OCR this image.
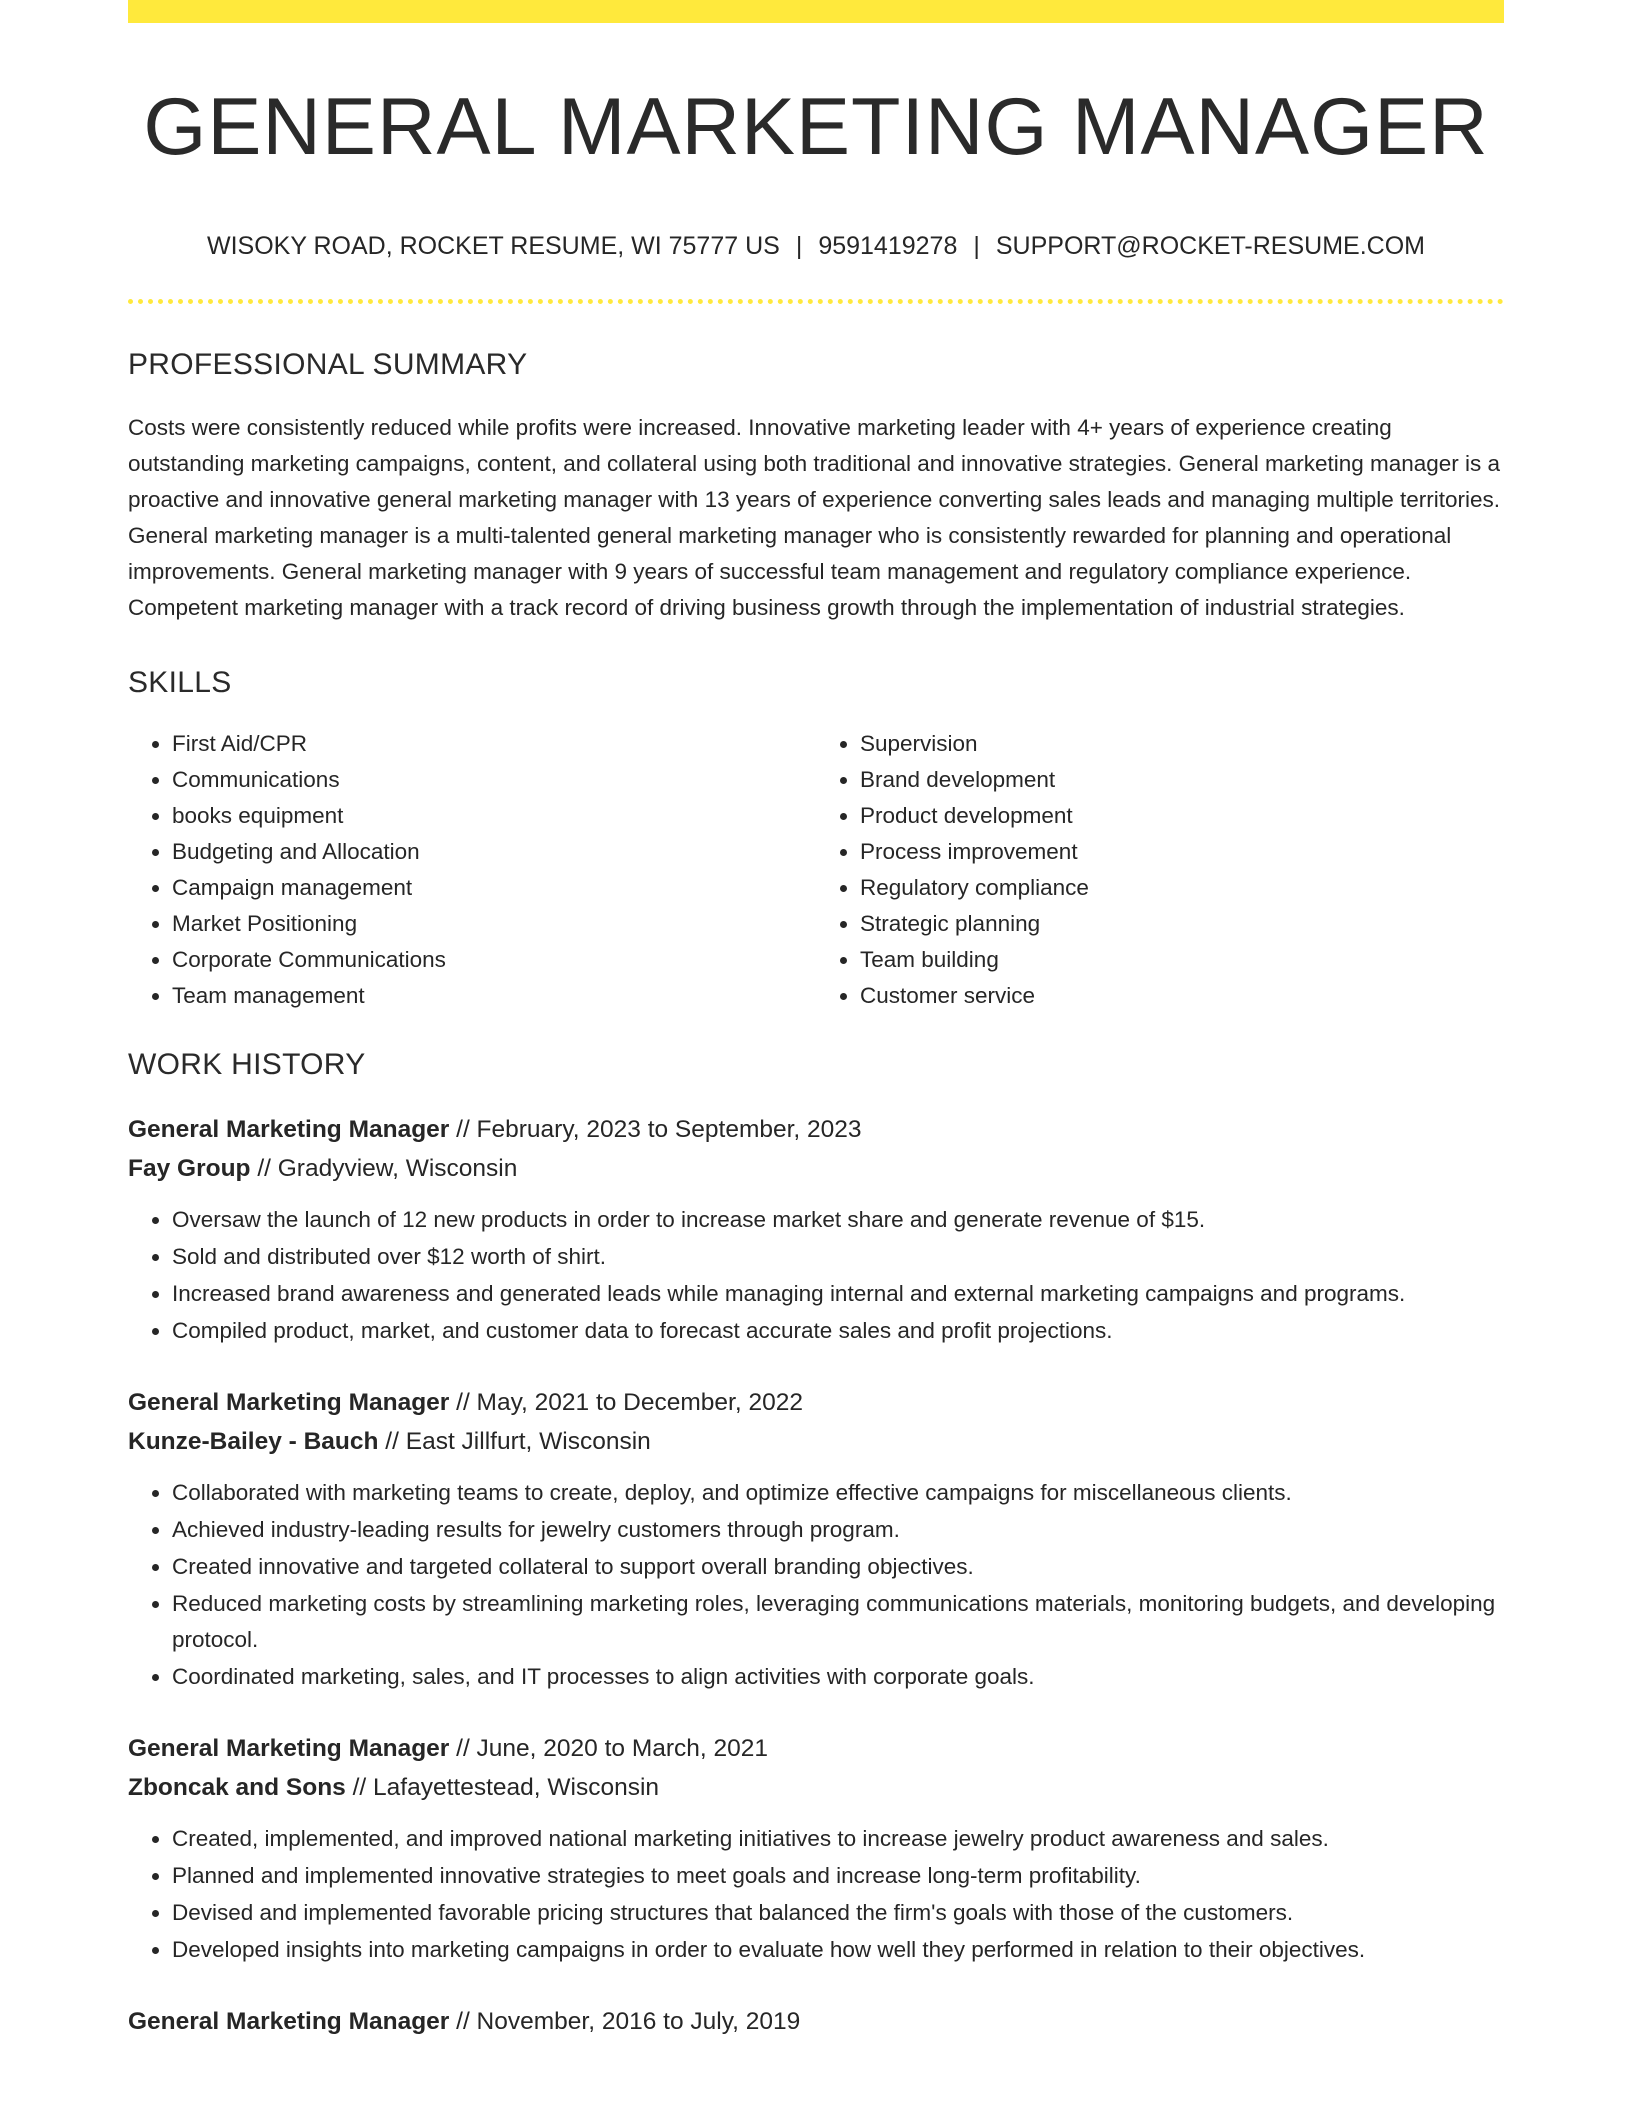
GENERAL MARKETING MANAGER
WISOKY ROAD, ROCKET RESUME, WI 75777 US | 9591419278 | SUPPORT@ROCKET-RESUME.COM
PROFESSIONAL SUMMARY
Costs were consistently reduced while profits were increased. Innovative marketing leader with 4+ years of experience creating outstanding marketing campaigns, content, and collateral using both traditional and innovative strategies. General marketing manager is a proactive and innovative general marketing manager with 13 years of experience converting sales leads and managing multiple territories. General marketing manager is a multi-talented general marketing manager who is consistently rewarded for planning and operational improvements. General marketing manager with 9 years of successful team management and regulatory compliance experience. Competent marketing manager with a track record of driving business growth through the implementation of industrial strategies.
SKILLS
• First Aid/CPR
• Communications
• books equipment
• Budgeting and Allocation
• Campaign management
• Market Positioning
• Corporate Communications
• Team management
• Supervision
• Brand development
• Product development
• Process improvement
• Regulatory compliance
• Strategic planning
• Team building
• Customer service
WORK HISTORY
General Marketing Manager // February, 2023 to September, 2023
Fay Group // Gradyview, Wisconsin
• Oversaw the launch of 12 new products in order to increase market share and generate revenue of $15.
• Sold and distributed over $12 worth of shirt.
• Increased brand awareness and generated leads while managing internal and external marketing campaigns and programs.
• Compiled product, market, and customer data to forecast accurate sales and profit projections.
General Marketing Manager // May, 2021 to December, 2022
Kunze-Bailey - Bauch // East Jillfurt, Wisconsin
• Collaborated with marketing teams to create, deploy, and optimize effective campaigns for miscellaneous clients.
• Achieved industry-leading results for jewelry customers through program.
• Created innovative and targeted collateral to support overall branding objectives.
• Reduced marketing costs by streamlining marketing roles, leveraging communications materials, monitoring budgets, and developing protocol.
• Coordinated marketing, sales, and IT processes to align activities with corporate goals.
General Marketing Manager // June, 2020 to March, 2021
Zboncak and Sons // Lafayettestead, Wisconsin
• Created, implemented, and improved national marketing initiatives to increase jewelry product awareness and sales.
• Planned and implemented innovative strategies to meet goals and increase long-term profitability.
• Devised and implemented favorable pricing structures that balanced the firm's goals with those of the customers.
• Developed insights into marketing campaigns in order to evaluate how well they performed in relation to their objectives.
General Marketing Manager // November, 2016 to July, 2019
